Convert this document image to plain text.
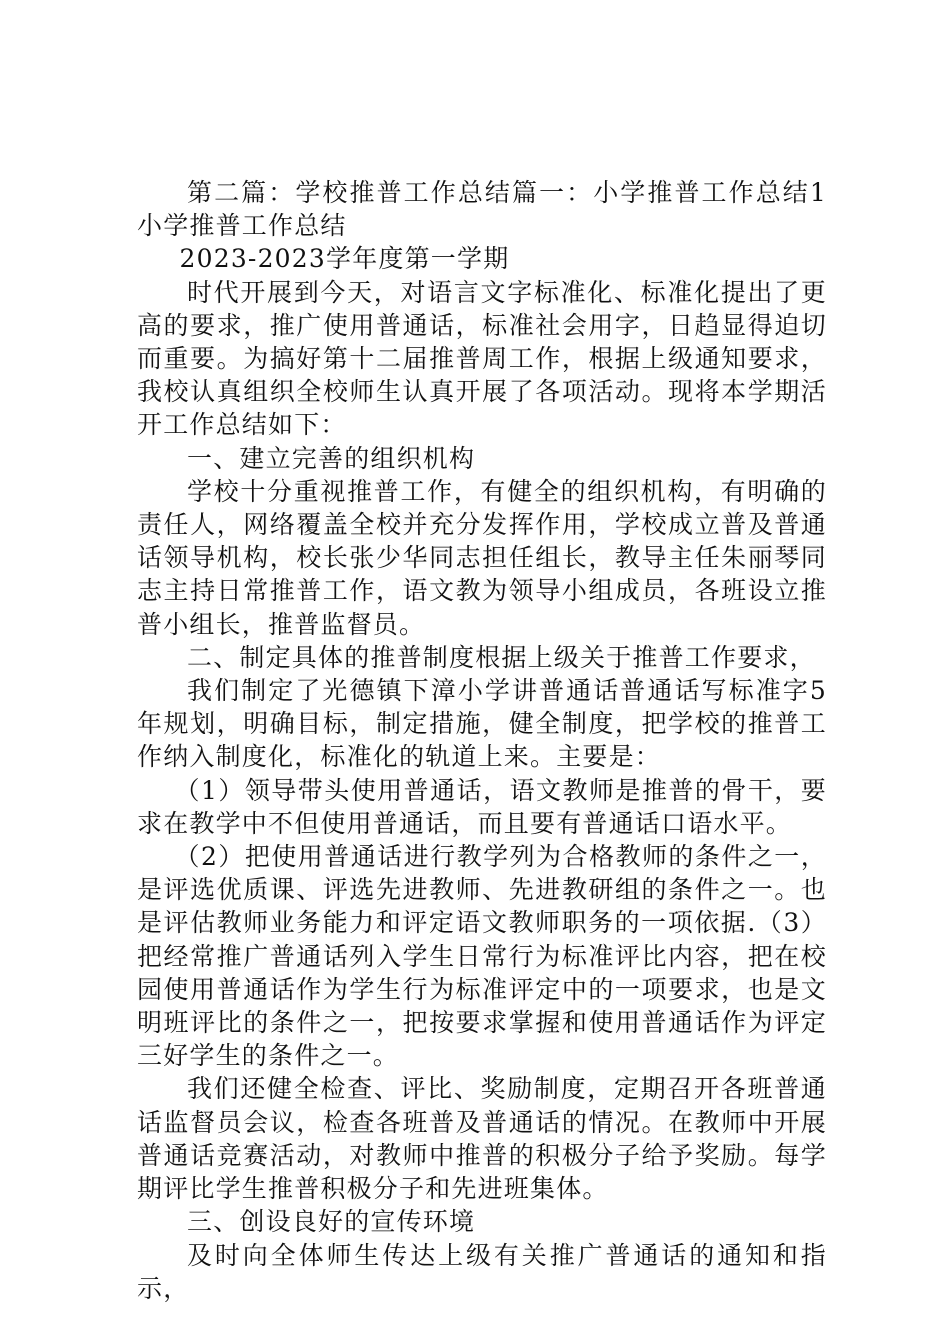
第二篇：学校推普工作总结篇一：小学推普工作总结1小学推普工作总结

2023-2023学年度第一学期

时代开展到今天，对语言文字标准化、标准化提出了更高的要求，推广使用普通话，标准社会用字，日趋显得迫切而重要。为搞好第十二届推普周工作，根据上级通知要求，我校认真组织全校师生认真开展了各项活动。现将本学期活开工作总结如下：

一、建立完善的组织机构

学校十分重视推普工作，有健全的组织机构，有明确的责任人，网络覆盖全校并充分发挥作用，学校成立普及普通话领导机构，校长张少华同志担任组长，教导主任朱丽琴同志主持日常推普工作，语文教为领导小组成员，各班设立推普小组长，推普监督员。

二、制定具体的推普制度根据上级关于推普工作要求，

我们制定了光德镇下漳小学讲普通话普通话写标准字5年规划，明确目标，制定措施，健全制度，把学校的推普工作纳入制度化，标准化的轨道上来。主要是：

（1）领导带头使用普通话，语文教师是推普的骨干，要求在教学中不但使用普通话，而且要有普通话口语水平。

（2）把使用普通话进行教学列为合格教师的条件之一，是评选优质课、评选先进教师、先进教研组的条件之一。也是评估教师业务能力和评定语文教师职务的一项依据.（3）把经常推广普通话列入学生日常行为标准评比内容，把在校园使用普通话作为学生行为标准评定中的一项要求，也是文明班评比的条件之一，把按要求掌握和使用普通话作为评定三好学生的条件之一。

我们还健全检查、评比、奖励制度，定期召开各班普通话监督员会议，检查各班普及普通话的情况。在教师中开展普通话竞赛活动，对教师中推普的积极分子给予奖励。每学期评比学生推普积极分子和先进班集体。

三、创设良好的宣传环境

及时向全体师生传达上级有关推广普通话的通知和指示，
